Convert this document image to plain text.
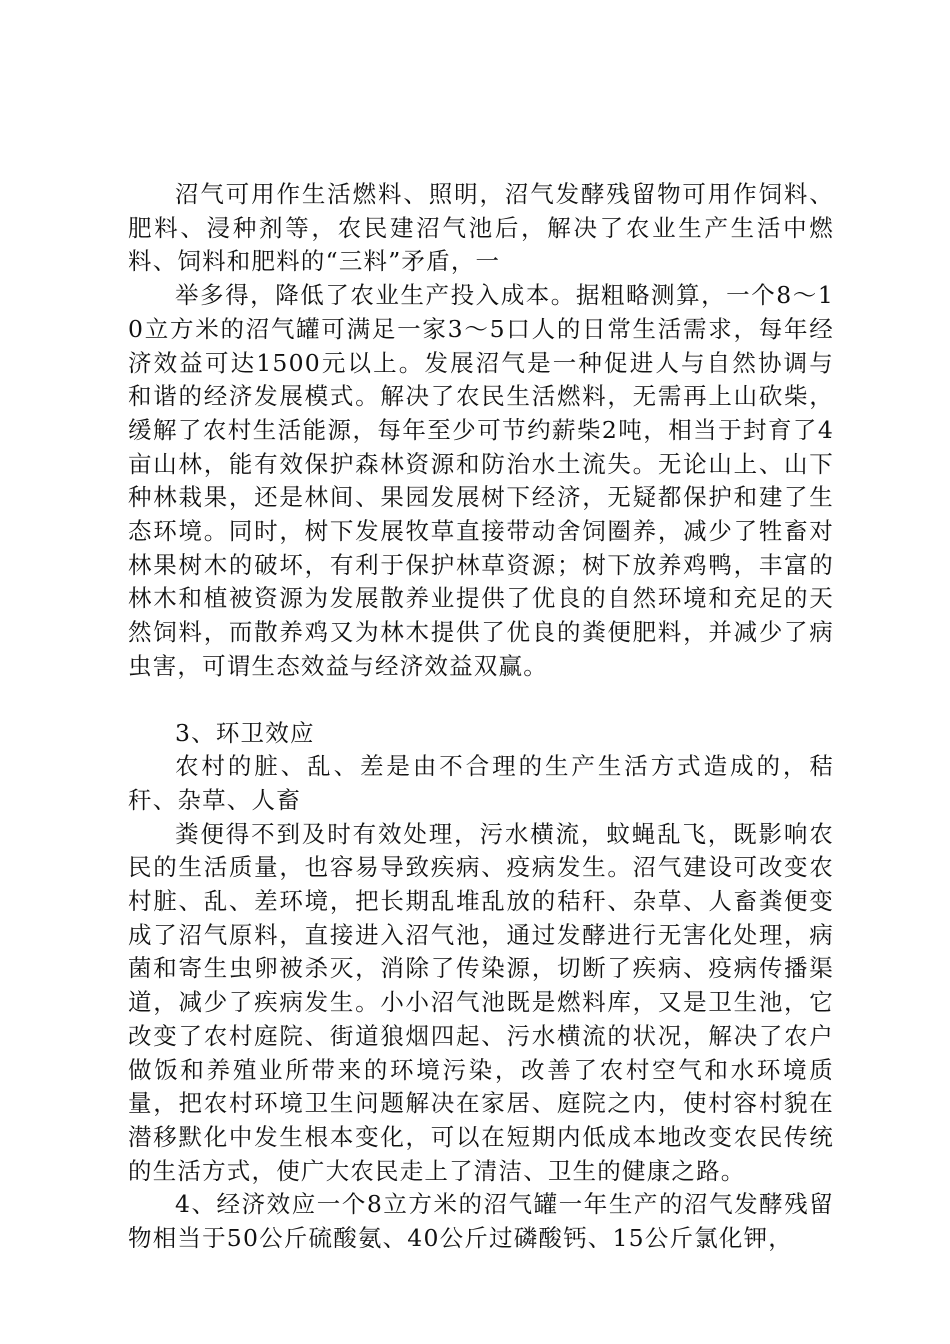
沼气可用作生活燃料、照明，沼气发酵残留物可用作饲料、肥料、浸种剂等，农民建沼气池后，解决了农业生产生活中燃料、饲料和肥料的“三料”矛盾，一

举多得，降低了农业生产投入成本。据粗略测算，一个8～10立方米的沼气罐可满足一家3～5口人的日常生活需求，每年经济效益可达1500元以上。发展沼气是一种促进人与自然协调与和谐的经济发展模式。解决了农民生活燃料，无需再上山砍柴，缓解了农村生活能源，每年至少可节约薪柴2吨，相当于封育了4亩山林，能有效保护森林资源和防治水土流失。无论山上、山下种林栽果，还是林间、果园发展树下经济，无疑都保护和建了生态环境。同时，树下发展牧草直接带动舍饲圈养，减少了牲畜对林果树木的破坏，有利于保护林草资源；树下放养鸡鸭，丰富的林木和植被资源为发展散养业提供了优良的自然环境和充足的天然饲料，而散养鸡又为林木提供了优良的粪便肥料，并减少了病虫害，可谓生态效益与经济效益双赢。

3、环卫效应

农村的脏、乱、差是由不合理的生产生活方式造成的，秸秆、杂草、人畜

粪便得不到及时有效处理，污水横流，蚊蝇乱飞，既影响农民的生活质量，也容易导致疾病、疫病发生。沼气建设可改变农村脏、乱、差环境，把长期乱堆乱放的秸秆、杂草、人畜粪便变成了沼气原料，直接进入沼气池，通过发酵进行无害化处理，病菌和寄生虫卵被杀灭，消除了传染源，切断了疾病、疫病传播渠道，减少了疾病发生。小小沼气池既是燃料库，又是卫生池，它改变了农村庭院、街道狼烟四起、污水横流的状况，解决了农户做饭和养殖业所带来的环境污染，改善了农村空气和水环境质量，把农村环境卫生问题解决在家居、庭院之内，使村容村貌在潜移默化中发生根本变化，可以在短期内低成本地改变农民传统的生活方式，使广大农民走上了清洁、卫生的健康之路。

4、经济效应一个8立方米的沼气罐一年生产的沼气发酵残留物相当于50公斤硫酸氨、40公斤过磷酸钙、15公斤氯化钾，
